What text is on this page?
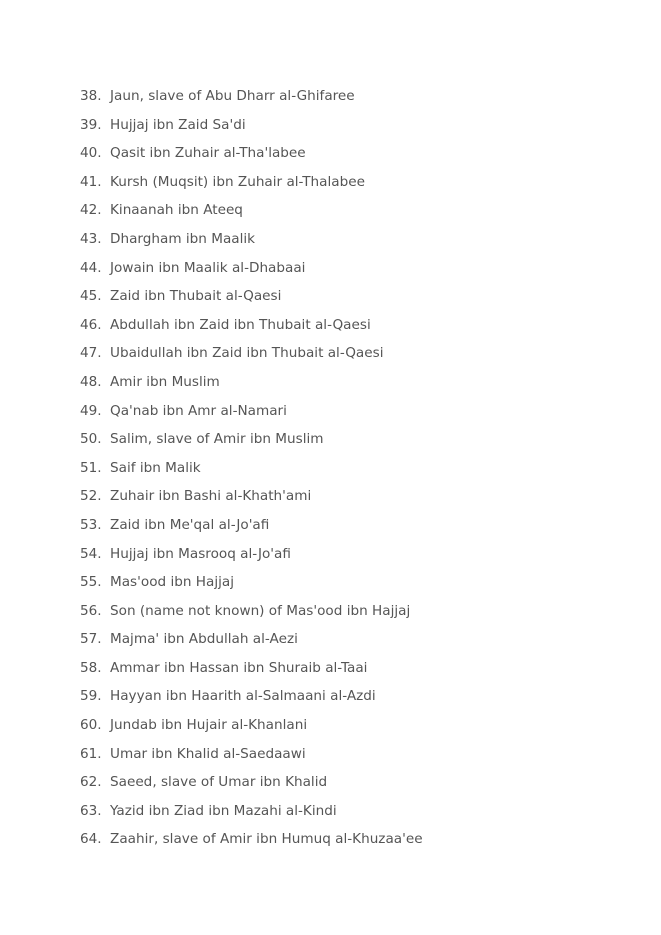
38. Jaun, slave of Abu Dharr al-Ghifaree
39. Hujjaj ibn Zaid Sa'di
40. Qasit ibn Zuhair al-Tha'labee
41. Kursh (Muqsit) ibn Zuhair al-Thalabee
42. Kinaanah ibn Ateeq
43. Dhargham ibn Maalik
44. Jowain ibn Maalik al-Dhabaai
45. Zaid ibn Thubait al-Qaesi
46. Abdullah ibn Zaid ibn Thubait al-Qaesi
47. Ubaidullah ibn Zaid ibn Thubait al-Qaesi
48. Amir ibn Muslim
49. Qa'nab ibn Amr al-Namari
50. Salim, slave of Amir ibn Muslim
51. Saif ibn Malik
52. Zuhair ibn Bashi al-Khath'ami
53. Zaid ibn Me'qal al-Jo'afi
54. Hujjaj ibn Masrooq al-Jo'afi
55. Mas'ood ibn Hajjaj
56. Son (name not known) of Mas'ood ibn Hajjaj
57. Majma' ibn Abdullah al-Aezi
58. Ammar ibn Hassan ibn Shuraib al-Taai
59. Hayyan ibn Haarith al-Salmaani al-Azdi
60. Jundab ibn Hujair al-Khanlani
61. Umar ibn Khalid al-Saedaawi
62. Saeed, slave of Umar ibn Khalid
63. Yazid ibn Ziad ibn Mazahi al-Kindi
64. Zaahir, slave of Amir ibn Humuq al-Khuzaa'ee
